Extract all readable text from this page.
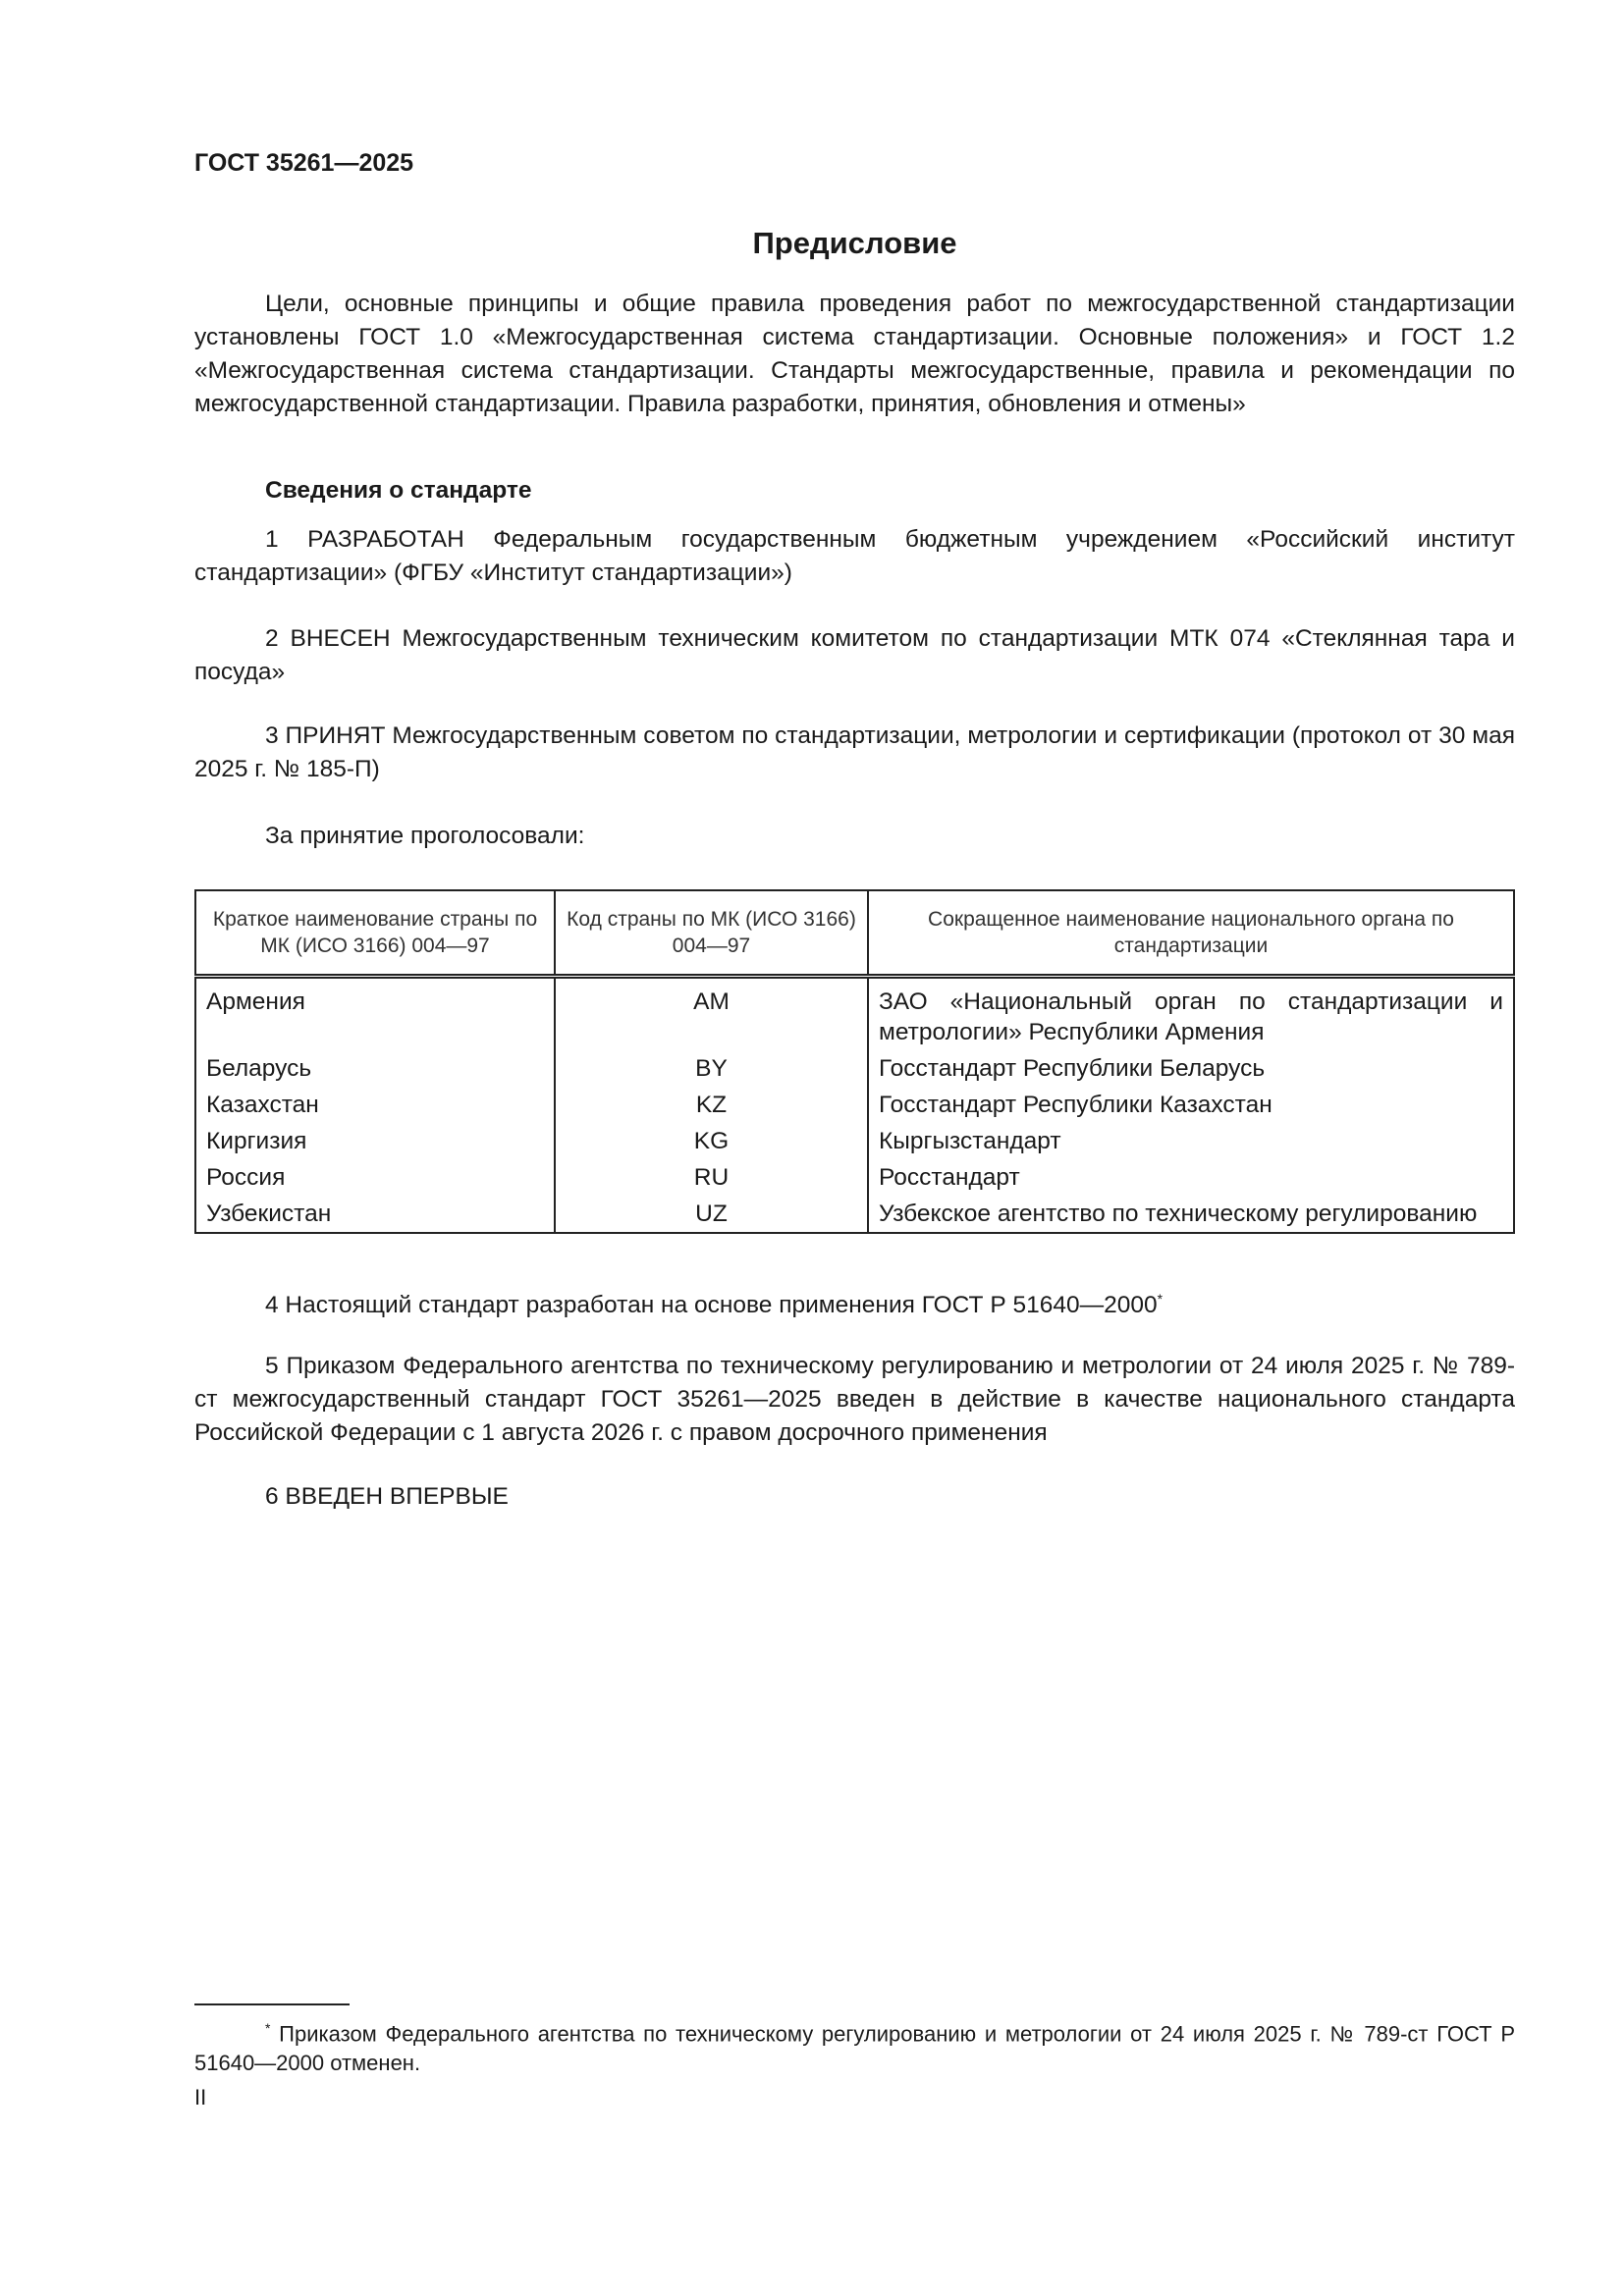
ГОСТ 35261—2025
Предисловие
Цели, основные принципы и общие правила проведения работ по межгосударственной стандартизации установлены ГОСТ 1.0 «Межгосударственная система стандартизации. Основные положения» и ГОСТ 1.2 «Межгосударственная система стандартизации. Стандарты межгосударственные, правила и рекомендации по межгосударственной стандартизации. Правила разработки, принятия, обновления и отмены»
Сведения о стандарте
1 РАЗРАБОТАН Федеральным государственным бюджетным учреждением «Российский институт стандартизации» (ФГБУ «Институт стандартизации»)
2 ВНЕСЕН Межгосударственным техническим комитетом по стандартизации МТК 074 «Стеклянная тара и посуда»
3 ПРИНЯТ Межгосударственным советом по стандартизации, метрологии и сертификации (протокол от 30 мая 2025 г. № 185-П)
За принятие проголосовали:
Краткое наименование страны по МК (ИСО 3166) 004—97	Код страны по МК (ИСО 3166) 004—97	Сокращенное наименование национального органа по стандартизации
Армения	AM	ЗАО «Национальный орган по стандартизации и метрологии» Республики Армения
Беларусь	BY	Госстандарт Республики Беларусь
Казахстан	KZ	Госстандарт Республики Казахстан
Киргизия	KG	Кыргызстандарт
Россия	RU	Росстандарт
Узбекистан	UZ	Узбекское агентство по техническому регулированию
4 Настоящий стандарт разработан на основе применения ГОСТ Р 51640—2000*
5 Приказом Федерального агентства по техническому регулированию и метрологии от 24 июля 2025 г. № 789-ст межгосударственный стандарт ГОСТ 35261—2025 введен в действие в качестве национального стандарта Российской Федерации с 1 августа 2026 г. с правом досрочного применения
6 ВВЕДЕН ВПЕРВЫЕ
* Приказом Федерального агентства по техническому регулированию и метрологии от 24 июля 2025 г. № 789-ст ГОСТ Р 51640—2000 отменен.
II
